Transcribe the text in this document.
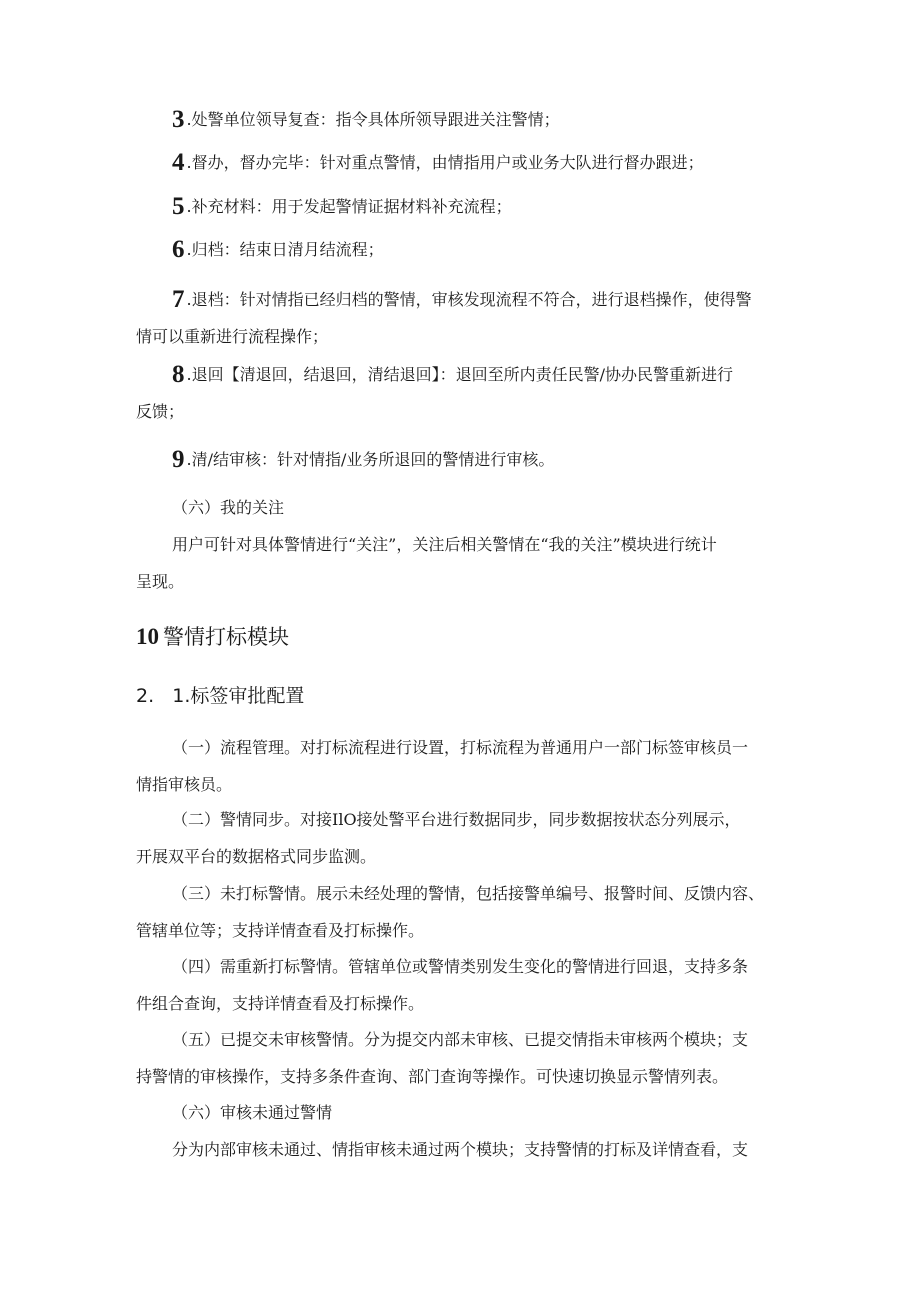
3 .处警单位领导复查：指令具体所领导跟进关注警情；
4 .督办，督办完毕：针对重点警情，由情指用户或业务大队进行督办跟进；
5 .补充材料：用于发起警情证据材料补充流程；
6 .归档：结束日清月结流程；
7 .退档：针对情指已经归档的警情，审核发现流程不符合，进行退档操作，使得警
情可以重新进行流程操作；
8 .退回【清退回，结退回，清结退回】：退回至所内责任民警/协办民警重新进行
反馈；
9 .清/结审核：针对情指/业务所退回的警情进行审核。
（六）我的关注
用户可针对具体警情进行“关注”，关注后相关警情在“我的关注”模块进行统计
呈现。
10 警情打标模块
2.   1.标签审批配置
（一）流程管理。对打标流程进行设置，打标流程为普通用户一部门标签审核员一
情指审核员。
（二）警情同步。对接IlO接处警平台进行数据同步，同步数据按状态分列展示，
开展双平台的数据格式同步监测。
（三）未打标警情。展示未经处理的警情，包括接警单编号、报警时间、反馈内容、
管辖单位等；支持详情查看及打标操作。
（四）需重新打标警情。管辖单位或警情类别发生变化的警情进行回退，支持多条
件组合查询，支持详情查看及打标操作。
（五）已提交未审核警情。分为提交内部未审核、已提交情指未审核两个模块；支
持警情的审核操作，支持多条件查询、部门查询等操作。可快速切换显示警情列表。
（六）审核未通过警情
分为内部审核未通过、情指审核未通过两个模块；支持警情的打标及详情查看，支
